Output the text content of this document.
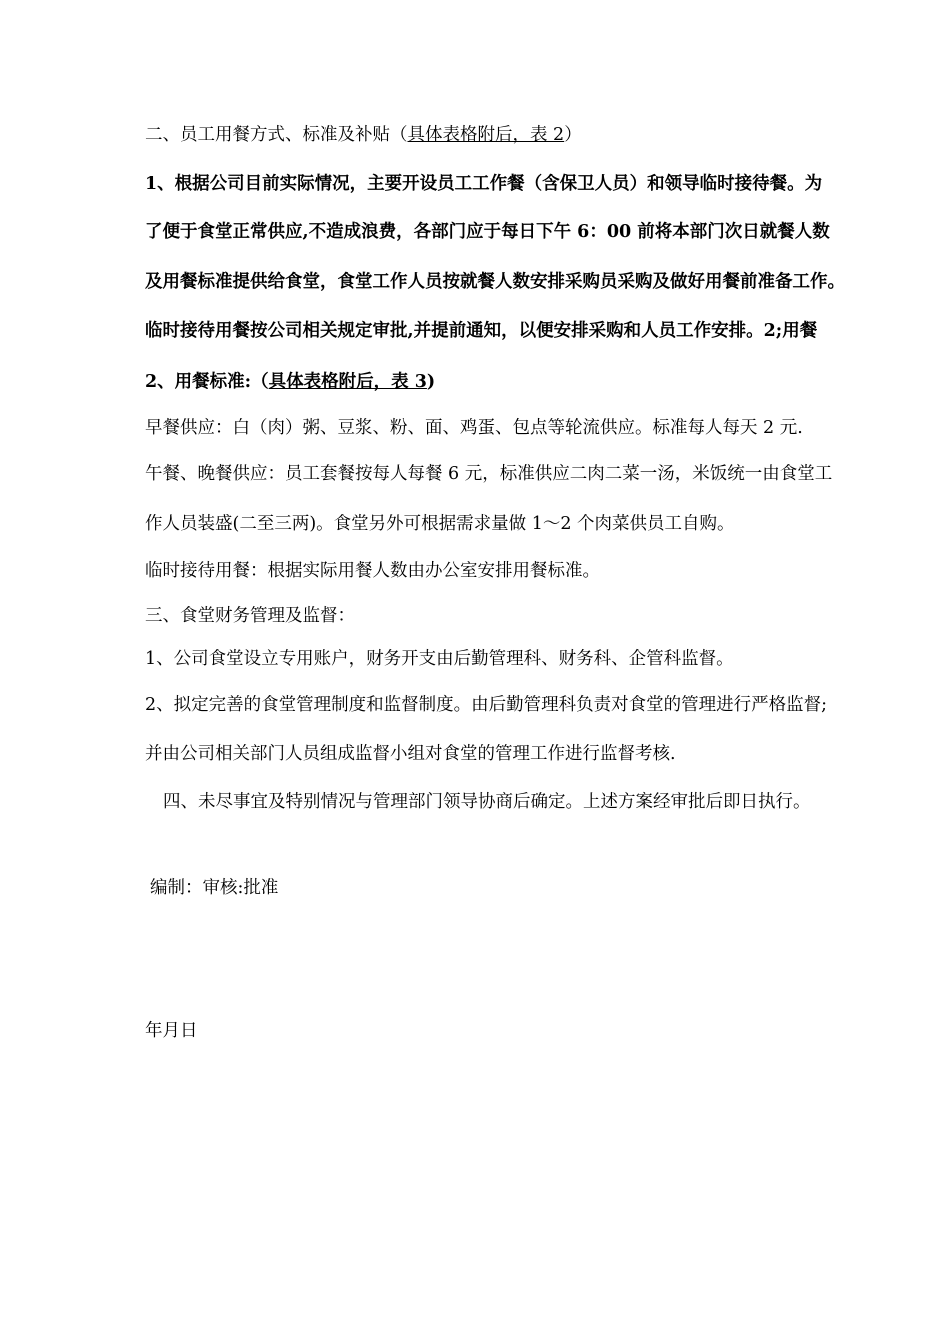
二、员工用餐方式、标准及补贴（具体表格附后，表 2）

1、根据公司目前实际情况，主要开设员工工作餐（含保卫人员）和领导临时接待餐。为

了便于食堂正常供应,不造成浪费，各部门应于每日下午 6：00 前将本部门次日就餐人数

及用餐标准提供给食堂，食堂工作人员按就餐人数安排采购员采购及做好用餐前准备工作。

临时接待用餐按公司相关规定审批,并提前通知，以便安排采购和人员工作安排。2;用餐

2、用餐标准:（具体表格附后，表 3)

早餐供应：白（肉）粥、豆浆、粉、面、鸡蛋、包点等轮流供应。标准每人每天 2 元.

午餐、晚餐供应：员工套餐按每人每餐 6 元，标准供应二肉二菜一汤，米饭统一由食堂工

作人员装盛(二至三两)。食堂另外可根据需求量做 1～2 个肉菜供员工自购。

临时接待用餐：根据实际用餐人数由办公室安排用餐标准。

三、食堂财务管理及监督：

1、公司食堂设立专用账户，财务开支由后勤管理科、财务科、企管科监督。

2、拟定完善的食堂管理制度和监督制度。由后勤管理科负责对食堂的管理进行严格监督;

并由公司相关部门人员组成监督小组对食堂的管理工作进行监督考核.

四、未尽事宜及特别情况与管理部门领导协商后确定。上述方案经审批后即日执行。

编制：审核:批准

年月日
